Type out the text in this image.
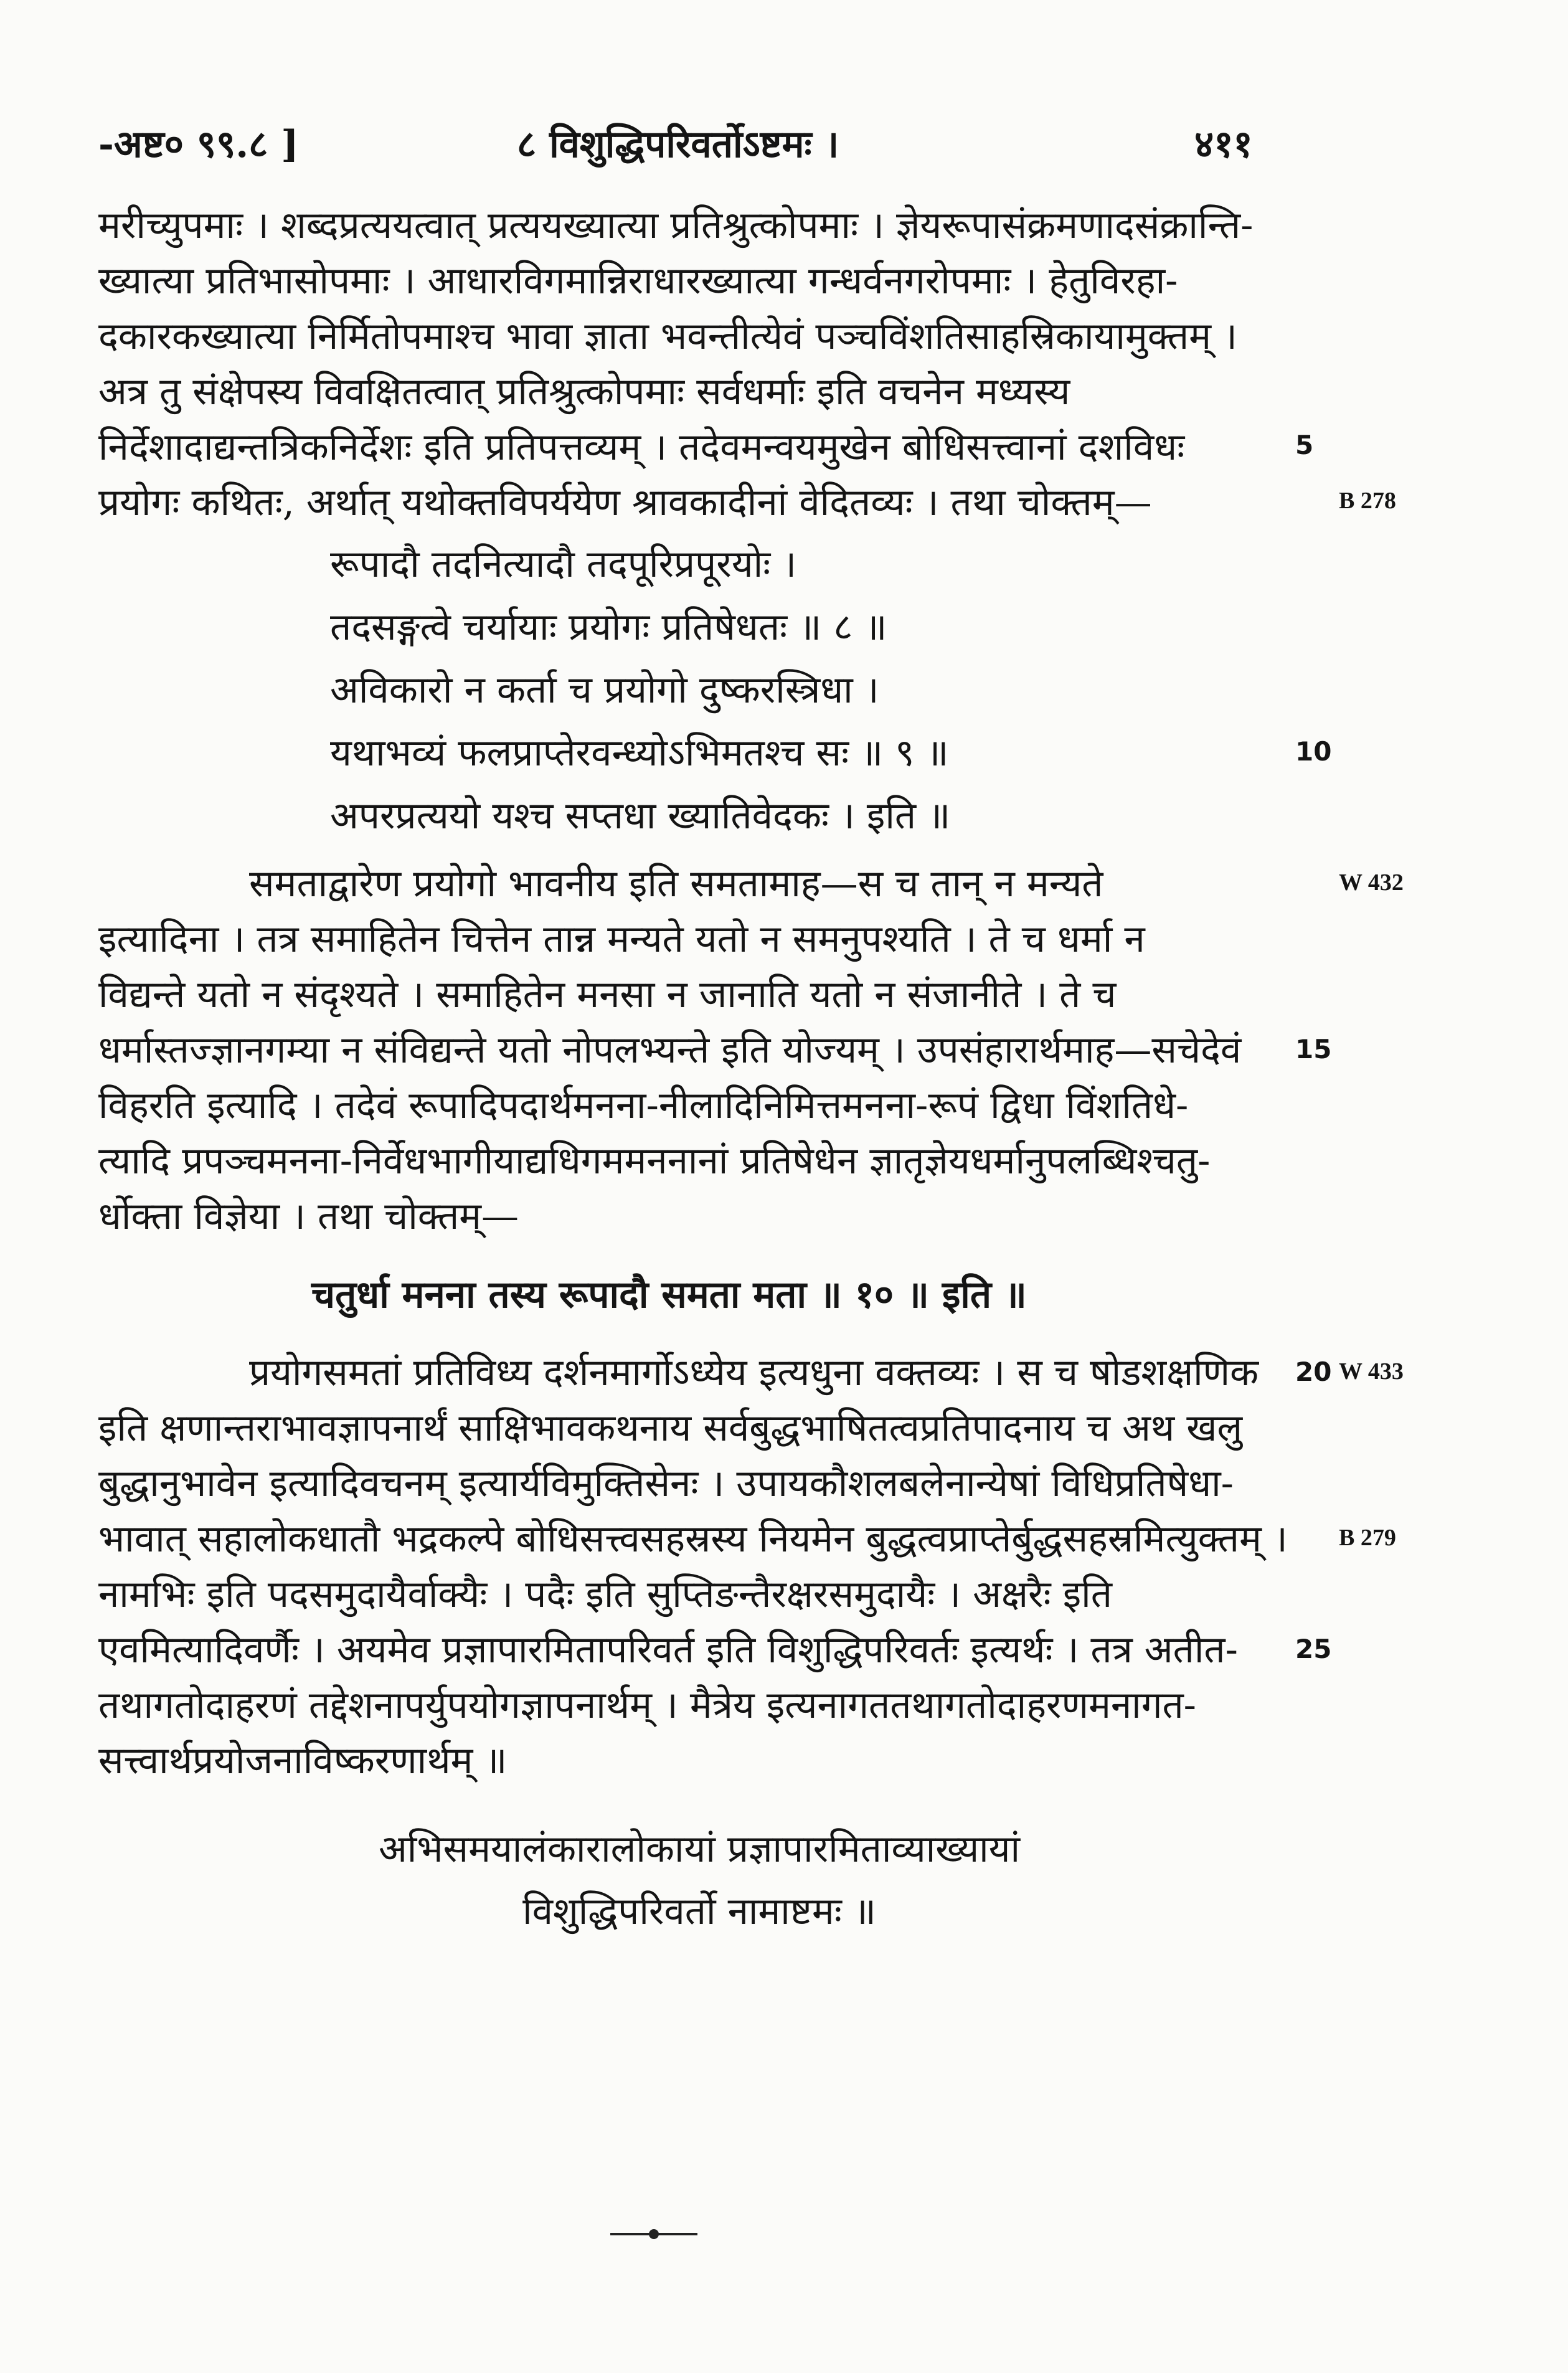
-अष्ट० ९९.८ ]	८ विशुद्धिपरिवर्तोऽष्टमः ।	४११
मरीच्युपमाः । शब्दप्रत्ययत्वात् प्रत्ययख्यात्या प्रतिश्रुत्कोपमाः । ज्ञेयरूपासंक्रमणादसंक्रान्ति-
ख्यात्या प्रतिभासोपमाः । आधारविगमान्निराधारख्यात्या गन्धर्वनगरोपमाः । हेतुविरहा-
दकारकख्यात्या निर्मितोपमाश्च भावा ज्ञाता भवन्तीत्येवं पञ्चविंशतिसाहस्रिकायामुक्तम् ।
अत्र तु संक्षेपस्य विवक्षितत्वात् प्रतिश्रुत्कोपमाः सर्वधर्माः इति वचनेन मध्यस्य
निर्देशादाद्यन्तत्रिकनिर्देशः इति प्रतिपत्तव्यम् । तदेवमन्वयमुखेन बोधिसत्त्वानां दशविधः
प्रयोगः कथितः, अर्थात् यथोक्तविपर्ययेण श्रावकादीनां वेदितव्यः । तथा चोक्तम्—
रूपादौ तदनित्यादौ तदपूरिप्रपूरयोः ।
तदसङ्गत्वे चर्यायाः प्रयोगः प्रतिषेधतः ॥ ८ ॥
अविकारो न कर्ता च प्रयोगो दुष्करस्त्रिधा ।
यथाभव्यं फलप्राप्तेरवन्ध्योऽभिमतश्च सः ॥ ९ ॥
अपरप्रत्ययो यश्च सप्तधा ख्यातिवेदकः । इति ॥
समताद्वारेण प्रयोगो भावनीय इति समतामाह—स च तान् न मन्यते
इत्यादिना । तत्र समाहितेन चित्तेन तान्न मन्यते यतो न समनुपश्यति । ते च धर्मा न
विद्यन्ते यतो न संदृश्यते । समाहितेन मनसा न जानाति यतो न संजानीते । ते च
धर्मास्तज्ज्ञानगम्या न संविद्यन्ते यतो नोपलभ्यन्ते इति योज्यम् । उपसंहारार्थमाह—सचेदेवं
विहरति इत्यादि । तदेवं रूपादिपदार्थमनना-नीलादिनिमित्तमनना-रूपं द्विधा विंशतिधे-
त्यादि प्रपञ्चमनना-निर्वेधभागीयाद्यधिगममननानां प्रतिषेधेन ज्ञातृज्ञेयधर्मानुपलब्धिश्चतु-
र्धोक्ता विज्ञेया । तथा चोक्तम्—
चतुर्धा मनना तस्य रूपादौ समता मता ॥ १० ॥ इति ॥
प्रयोगसमतां प्रतिविध्य दर्शनमार्गोऽध्येय इत्यधुना वक्तव्यः । स च षोडशक्षणिक
इति क्षणान्तराभावज्ञापनार्थं साक्षिभावकथनाय सर्वबुद्धभाषितत्वप्रतिपादनाय च अथ खलु
बुद्धानुभावेन इत्यादिवचनम् इत्यार्यविमुक्तिसेनः । उपायकौशलबलेनान्येषां विधिप्रतिषेधा-
भावात् सहालोकधातौ भद्रकल्पे बोधिसत्त्वसहस्रस्य नियमेन बुद्धत्वप्राप्तेर्बुद्धसहस्रमित्युक्तम् ।
नामभिः इति पदसमुदायैर्वाक्यैः । पदैः इति सुप्तिङन्तैरक्षरसमुदायैः । अक्षरैः इति
एवमित्यादिवर्णैः । अयमेव प्रज्ञापारमितापरिवर्त इति विशुद्धिपरिवर्तः इत्यर्थः । तत्र अतीत-
तथागतोदाहरणं तद्देशनापर्युपयोगज्ञापनार्थम् । मैत्रेय इत्यनागततथागतोदाहरणमनागत-
सत्त्वार्थप्रयोजनाविष्करणार्थम् ॥
अभिसमयालंकारालोकायां प्रज्ञापारमिताव्याख्यायां
विशुद्धिपरिवर्तो नामाष्टमः ॥
5
10
15
20
25
B 278
W 432
W 433
B 279
